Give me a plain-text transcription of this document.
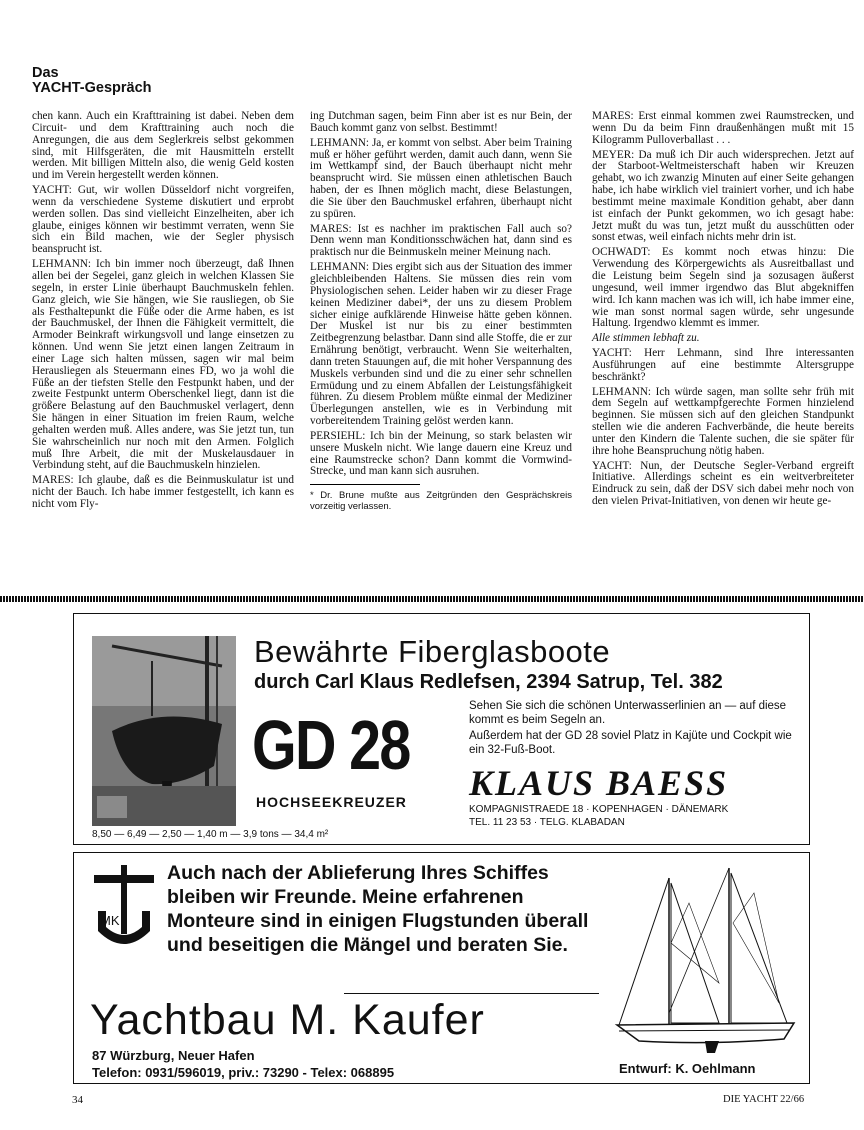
Das
YACHT-Gespräch

chen kann. Auch ein Krafttraining ist dabei. Neben dem Circuit- und dem Krafttraining auch noch die Anregungen, die aus dem Seglerkreis selbst gekommen sind, mit Hilfsgeräten, die mit Hausmitteln erstellt werden. Mit billigen Mitteln also, die wenig Geld kosten und im Verein hergestellt werden können.

YACHT: Gut, wir wollen Düsseldorf nicht vorgreifen, wenn da verschiedene Systeme diskutiert und erprobt werden sollen. Das sind vielleicht Einzelheiten, aber ich glaube, einiges können wir bestimmt verraten, wenn Sie sich ein Bild machen, wie der Segler physisch beansprucht ist.

LEHMANN: Ich bin immer noch überzeugt, daß Ihnen allen bei der Segelei, ganz gleich in welchen Klassen Sie segeln, in erster Linie überhaupt Bauchmuskeln fehlen. Ganz gleich, wie Sie hängen, wie Sie rausliegen, ob Sie als Festhaltepunkt die Füße oder die Arme haben, es ist der Bauchmuskel, der Ihnen die Fähigkeit vermittelt, die Armoder Beinkraft wirkungsvoll und lange einsetzen zu können. Und wenn Sie jetzt einen langen Zeitraum in einer Lage sich halten müssen, sagen wir mal beim Herausliegen als Steuermann eines FD, wo ja wohl die Füße an der tiefsten Stelle den Festpunkt haben, und der zweite Festpunkt unterm Oberschenkel liegt, dann ist die größere Belastung auf den Bauchmuskel verlagert, denn Sie hängen in einer Situation im freien Raum, welche gehalten werden muß. Alles andere, was Sie jetzt tun, tun Sie wahrscheinlich nur noch mit den Armen. Folglich muß Ihre Arbeit, die mit der Muskelausdauer in Verbindung steht, auf die Bauchmuskeln hinzielen.

MARES: Ich glaube, daß es die Beinmuskulatur ist und nicht der Bauch. Ich habe immer festgestellt, ich kann es nicht vom Fly-

ing Dutchman sagen, beim Finn aber ist es nur Bein, der Bauch kommt ganz von selbst. Bestimmt!

LEHMANN: Ja, er kommt von selbst. Aber beim Training muß er höher geführt werden, damit auch dann, wenn Sie im Wettkampf sind, der Bauch überhaupt nicht mehr beansprucht wird. Sie müssen einen athletischen Bauch haben, der es Ihnen möglich macht, diese Belastungen, die Sie über den Bauchmuskel erfahren, überhaupt nicht zu spüren.

MARES: Ist es nachher im praktischen Fall auch so? Denn wenn man Konditionsschwächen hat, dann sind es praktisch nur die Beinmuskeln meiner Meinung nach.

LEHMANN: Dies ergibt sich aus der Situation des immer gleichbleibenden Haltens. Sie müssen dies rein vom Physiologischen sehen. Leider haben wir zu dieser Frage keinen Mediziner dabei*, der uns zu diesem Problem sicher einige aufklärende Hinweise hätte geben können. Der Muskel ist nur bis zu einer bestimmten Zeitbegrenzung belastbar. Dann sind alle Stoffe, die er zur Ernährung benötigt, verbraucht. Wenn Sie weiterhalten, dann treten Stauungen auf, die mit hoher Verspannung des Muskels verbunden sind und die zu einer sehr schnellen Ermüdung und zu einem Abfallen der Leistungsfähigkeit führen. Zu diesem Problem müßte einmal der Mediziner Überlegungen anstellen, wie es in Verbindung mit vorbereitendem Training gelöst werden kann.

PERSIEHL: Ich bin der Meinung, so stark belasten wir unsere Muskeln nicht. Wie lange dauern eine Kreuz und eine Raumstrecke schon? Dann kommt die Vormwind-Strecke, und man kann sich ausruhen.

* Dr. Brune mußte aus Zeitgründen den Gesprächskreis vorzeitig verlassen.

MARES: Erst einmal kommen zwei Raumstrecken, und wenn Du da beim Finn draußenhängen mußt mit 15 Kilogramm Pulloverballast . . .

MEYER: Da muß ich Dir auch widersprechen. Jetzt auf der Starboot-Weltmeisterschaft haben wir Kreuzen gehabt, wo ich zwanzig Minuten auf einer Seite gehangen habe, ich habe wirklich viel trainiert vorher, und ich habe bestimmt meine maximale Kondition gehabt, aber dann ist einfach der Punkt gekommen, wo ich gesagt habe: Jetzt mußt du was tun, jetzt mußt du ausschütten oder sonst etwas, weil einfach nichts mehr drin ist.

OCHWADT: Es kommt noch etwas hinzu: Die Verwendung des Körpergewichts als Ausreitballast und die Leistung beim Segeln sind ja sozusagen äußerst ungesund, weil immer irgendwo das Blut abgekniffen wird. Ich kann machen was ich will, ich habe immer eine, wie man sonst normal sagen würde, sehr ungesunde Haltung. Irgendwo klemmt es immer.

Alle stimmen lebhaft zu.

YACHT: Herr Lehmann, sind Ihre interessanten Ausführungen auf eine bestimmte Altersgruppe beschränkt?

LEHMANN: Ich würde sagen, man sollte sehr früh mit dem Segeln auf wettkampfgerechte Formen hinzielend beginnen. Sie müssen sich auf den gleichen Standpunkt stellen wie die anderen Fachverbände, die heute bereits unter den Kindern die Talente suchen, die sie später für ihre hohe Beanspruchung nötig haben.

YACHT: Nun, der Deutsche Segler-Verband ergreift Initiative. Allerdings scheint es ein weitverbreiteter Eindruck zu sein, daß der DSV sich dabei mehr noch von den vielen Privat-Initiativen, von denen wir heute ge-

Bewährte Fiberglasboote
durch Carl Klaus Redlefsen, 2394 Satrup, Tel. 382
GD 28
HOCHSEEKREUZER
8,50 — 6,49 — 2,50 — 1,40 m — 3,9 tons — 34,4 m²

Sehen Sie sich die schönen Unterwasserlinien an — auf diese kommt es beim Segeln an.

Außerdem hat der GD 28 soviel Platz in Kajüte und Cockpit wie ein 32-Fuß-Boot.

KLAUS BAESS
KOMPAGNISTRAEDE 18 · KOPENHAGEN · DÄNEMARK
TEL. 11 23 53 · TELG. KLABADAN
MK
Auch nach der Ablieferung Ihres Schiffes bleiben wir Freunde. Meine erfahrenen Monteure sind in einigen Flugstunden überall und beseitigen die Mängel und beraten Sie.
Yachtbau M. Kaufer
87 Würzburg, Neuer Hafen
Telefon: 0931/596019, priv.: 73290 - Telex: 068895	Entwurf: K. Oehlmann
34	DIE YACHT 22/66
